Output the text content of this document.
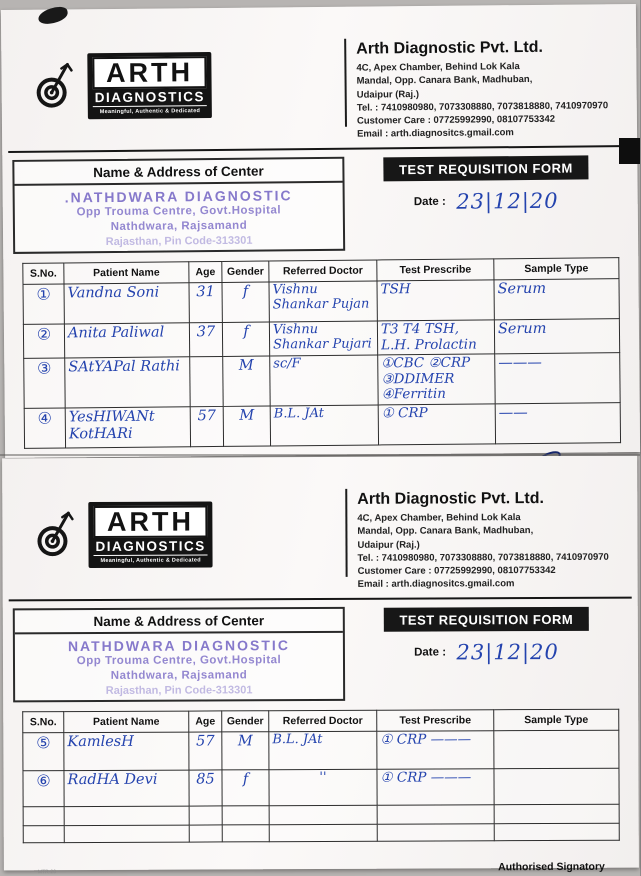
ARTH
DIAGNOSTICS
Meaningful, Authentic & Dedicated
Arth Diagnostic Pvt. Ltd.
4C, Apex Chamber, Behind Lok Kala
Mandal, Opp. Canara Bank, Madhuban,
Udaipur (Raj.)
Tel. : 7410980980, 7073308880, 7073818880, 7410970970
Customer Care : 07725992990, 08107753342
Email : arth.diagnositcs.gmail.com
Name & Address of Center
.NATHDWARA DIAGNOSTIC
Opp Trouma Centre, Govt.Hospital
Nathdwara, Rajsamand
Rajasthan, Pin Code-313301
TEST REQUISITION FORM
Date : 23|12|20
S.No.	Patient Name	Age	Gender	Referred Doctor	Test Prescribe	Sample Type
①	Vandna Soni	31	f	Vishnu Shankar Pujan	TSH	Serum
②	Anita Paliwal	37	f	Vishnu Shankar Pujari	T3 T4 TSH, L.H. Prolactin	Serum
③	SAtYAPal Rathi		M	sc/F	①CBC ②CRP ③DDIMER ④Ferritin	———
④	YesHIWANt KotHARi	57	M	B.L. JAt	① CRP	——
ARTH
DIAGNOSTICS
Meaningful, Authentic & Dedicated
Arth Diagnostic Pvt. Ltd.
4C, Apex Chamber, Behind Lok Kala
Mandal, Opp. Canara Bank, Madhuban,
Udaipur (Raj.)
Tel. : 7410980980, 7073308880, 7073818880, 7410970970
Customer Care : 07725992990, 08107753342
Email : arth.diagnositcs.gmail.com
Name & Address of Center
NATHDWARA DIAGNOSTIC
Opp Trouma Centre, Govt.Hospital
Nathdwara, Rajsamand
Rajasthan, Pin Code-313301
TEST REQUISITION FORM
Date : 23|12|20
S.No.	Patient Name	Age	Gender	Referred Doctor	Test Prescribe	Sample Type
⑤	KamlesH	57	M	B.L. JAt	① CRP ———	
⑥	RadHA Devi	85	f	''	① CRP ———	

MTR-20	Authorised Signatory
